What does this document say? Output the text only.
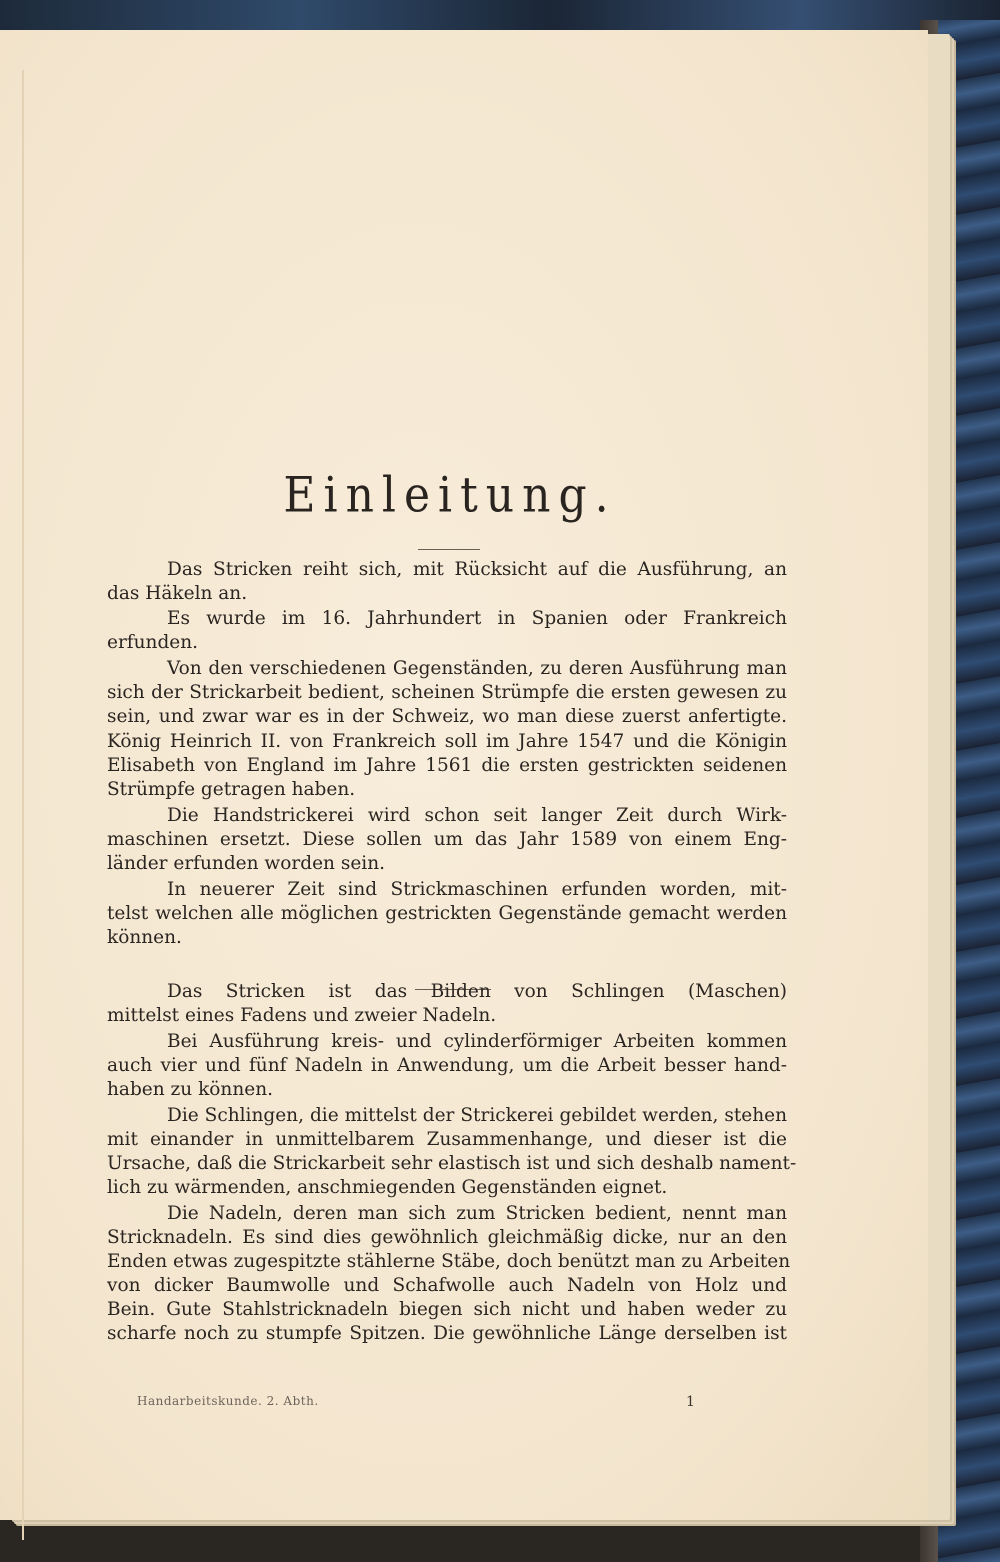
Einleitung.
Das Stricken reiht sich, mit Rücksicht auf die Ausführung, an
das Häkeln an.
Es wurde im 16. Jahrhundert in Spanien oder Frankreich
erfunden.
Von den verschiedenen Gegenständen, zu deren Ausführung man
sich der Strickarbeit bedient, scheinen Strümpfe die ersten gewesen zu
sein, und zwar war es in der Schweiz, wo man diese zuerst anfertigte.
König Heinrich II. von Frankreich soll im Jahre 1547 und die Königin
Elisabeth von England im Jahre 1561 die ersten gestrickten seidenen
Strümpfe getragen haben.
Die Handstrickerei wird schon seit langer Zeit durch Wirk-
maschinen ersetzt. Diese sollen um das Jahr 1589 von einem Eng-
länder erfunden worden sein.
In neuerer Zeit sind Strickmaschinen erfunden worden, mit-
telst welchen alle möglichen gestrickten Gegenstände gemacht werden
können.
Das Stricken ist das Bilden von Schlingen (Maschen)
mittelst eines Fadens und zweier Nadeln.
Bei Ausführung kreis- und cylinderförmiger Arbeiten kommen
auch vier und fünf Nadeln in Anwendung, um die Arbeit besser hand-
haben zu können.
Die Schlingen, die mittelst der Strickerei gebildet werden, stehen
mit einander in unmittelbarem Zusammenhange, und dieser ist die
Ursache, daß die Strickarbeit sehr elastisch ist und sich deshalb nament-
lich zu wärmenden, anschmiegenden Gegenständen eignet.
Die Nadeln, deren man sich zum Stricken bedient, nennt man
Stricknadeln. Es sind dies gewöhnlich gleichmäßig dicke, nur an den
Enden etwas zugespitzte stählerne Stäbe, doch benützt man zu Arbeiten
von dicker Baumwolle und Schafwolle auch Nadeln von Holz und
Bein. Gute Stahlstricknadeln biegen sich nicht und haben weder zu
scharfe noch zu stumpfe Spitzen. Die gewöhnliche Länge derselben ist
Handarbeitskunde. 2. Abth.	1
